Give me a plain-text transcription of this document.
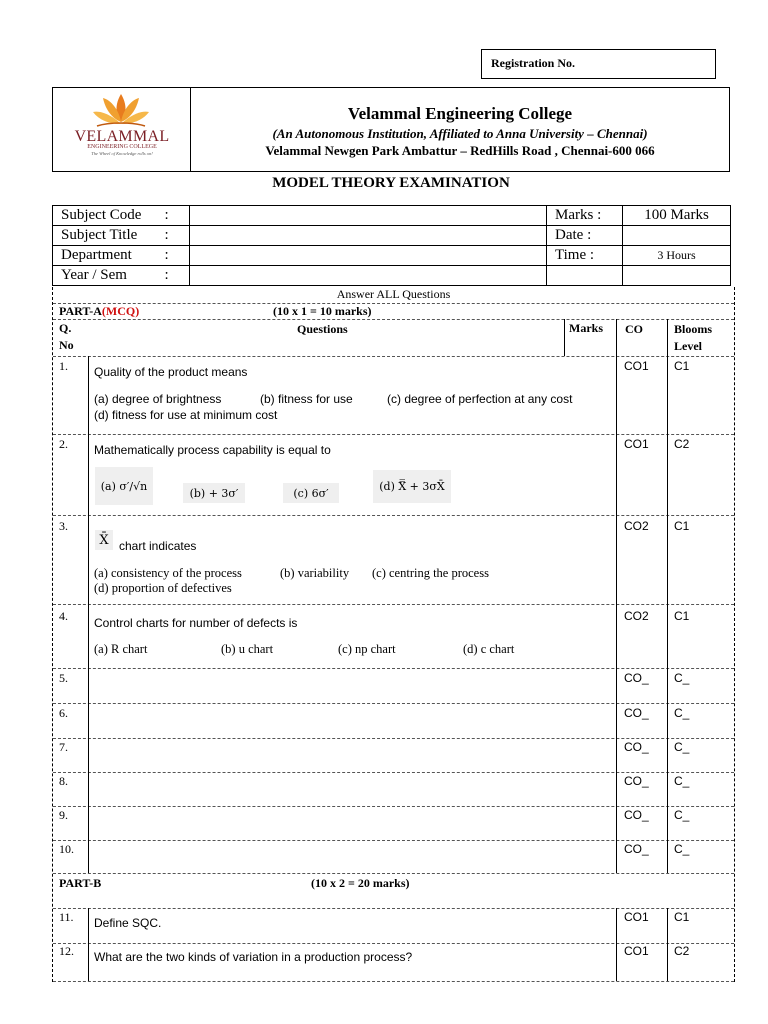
Registration No.
VELAMMAL
ENGINEERING COLLEGE
The Wheel of Knowledge rolls on!
Velammal Engineering College
(An Autonomous Institution, Affiliated to Anna University – Chennai)
Velammal Newgen Park Ambattur – RedHills Road , Chennai-600 066
MODEL THEORY EXAMINATION
Subject Code	:		Marks :	100 Marks
Subject Title	:		Date :	
Department	:		Time :	3 Hours
Year / Sem	:			
Answer ALL Questions
PART-A(MCQ)	(10 x 1 = 10 marks)
Q.
No
Questions	Marks CO	Blooms
Level
1. Quality of the product means
(a) degree of brightness	(b) fitness for use	(c) degree of perfection at any cost
(d) fitness for use at minimum cost
CO1 C1
2. Mathematically process capability is equal to
(a) σ′/√n
(b) + 3σ′	(c) 6σ′	(d) X̿ + 3σX̄
CO1 C2
3.
X̄ chart indicates
(a) consistency of the process	(b) variability (c) centring the process
(d) proportion of defectives
CO2 C1
4. Control charts for number of defects is
(a) R chart	(b) u chart	(c) np chart	(d) c chart
CO2 C1
5.	CO_ C_
6.	CO_ C_
7.	CO_ C_
8.	CO_ C_
9.	CO_ C_
10.	CO_ C_
PART-B	(10 x 2 = 20 marks)
11. Define SQC.	CO1 C1
12. What are the two kinds of variation in a production process?	CO1 C2
